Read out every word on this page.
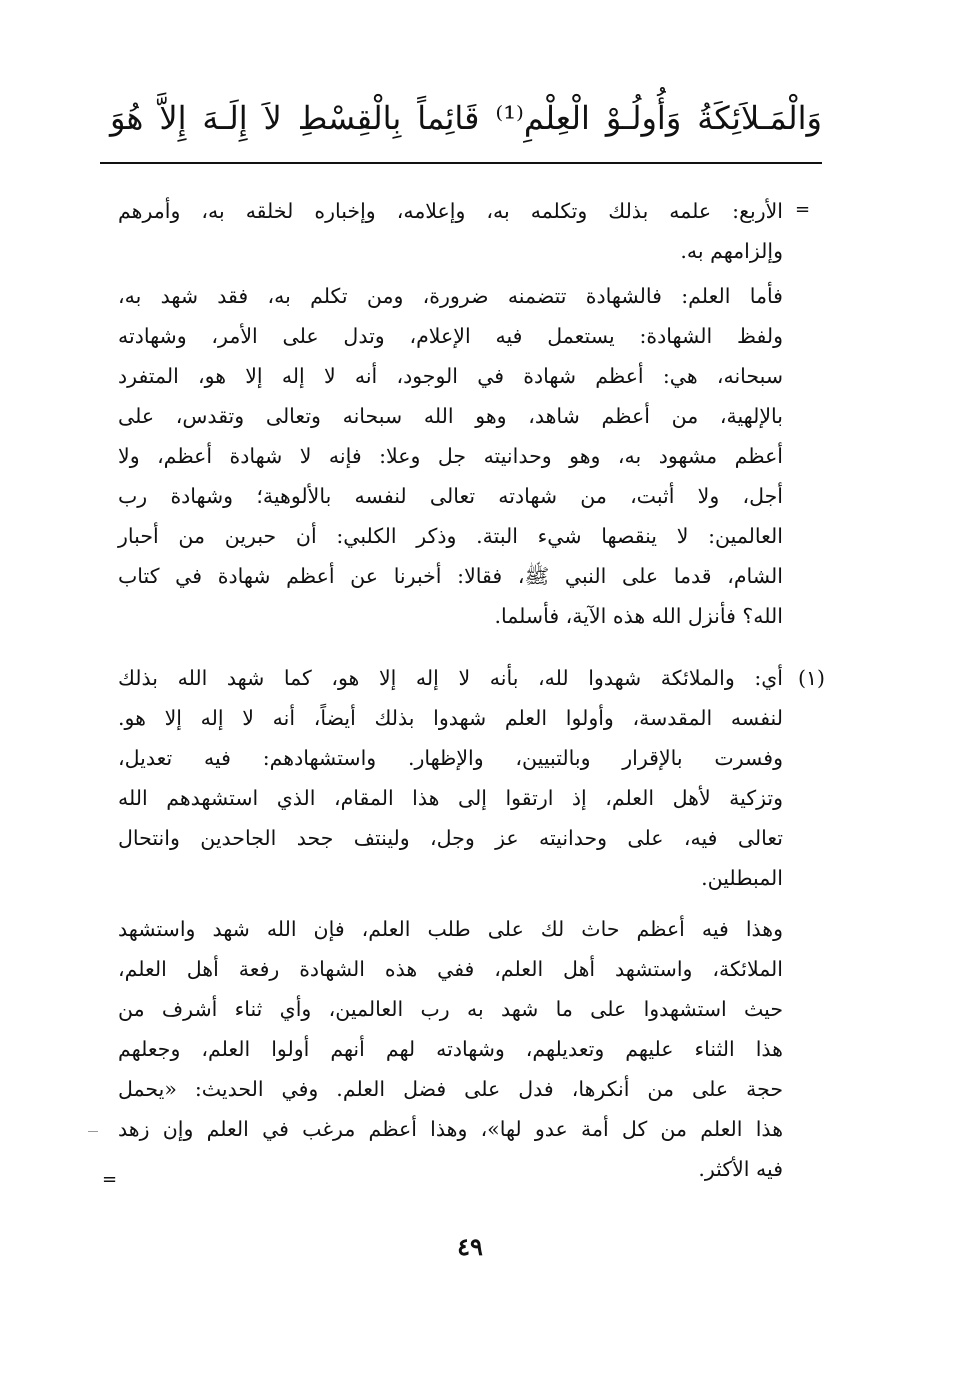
وَالْمَـلاَئِكَةُ وَأُولُـوْ الْعِلْمِ⁽¹⁾ قَائِماً بِالْقِسْطِ لاَ إِلَـهَ إِلاَّ هُوَ
=
الأربع: علمه بذلك وتكلمه به، وإعلامه، وإخباره لخلقه به، وأمرهم
وإلزامهم به.
فأما العلم: فالشهادة تتضمنه ضرورة، ومن تكلم به، فقد شهد به،
ولفظ الشهادة: يستعمل فيه الإعلام، وتدل على الأمر، وشهادته
سبحانه، هي: أعظم شهادة في الوجود، أنه لا إله إلا هو، المتفرد
بالإلهية، من أعظم شاهد، وهو الله سبحانه وتعالى وتقدس، على
أعظم مشهود به، وهو وحدانيته جل وعلا: فإنه لا شهادة أعظم، ولا
أجل، ولا أثبت، من شهادته تعالى لنفسه بالألوهية؛ وشهادة رب
العالمين: لا ينقصها شيء البتة. وذكر الكلبي: أن حبرين من أحبار
الشام، قدما على النبي ﷺ، فقالا: أخبرنا عن أعظم شهادة في كتاب
الله؟ فأنزل الله هذه الآية، فأسلما.
(١)
أي: والملائكة شهدوا لله، بأنه لا إله إلا هو، كما شهد الله بذلك
لنفسه المقدسة، وأولوا العلم شهدوا بذلك أيضاً، أنه لا إله إلا هو.
وفسرت بالإقرار وبالتبيين، والإظهار. واستشهادهم: فيه تعديل،
وتزكية لأهل العلم، إذ ارتقوا إلى هذا المقام، الذي استشهدهم الله
تعالى فيه، على وحدانيته عز وجل، ولينتف جحد الجاحدين وانتحال
المبطلين.
وهذا فيه أعظم حاث لك على طلب العلم، فإن الله شهد واستشهد
الملائكة، واستشهد أهل العلم، ففي هذه الشهادة رفعة أهل العلم،
حيث استشهدوا على ما شهد به رب العالمين، وأي ثناء أشرف من
هذا الثناء عليهم وتعديلهم، وشهادته لهم أنهم أولوا العلم، وجعلهم
حجة على من أنكرها، فدل على فضل العلم. وفي الحديث: «يحمل
هذا العلم من كل أمة عدو لها»، وهذا أعظم مرغب في العلم وإن زهد
فيه الأكثر.
=
٤٩
